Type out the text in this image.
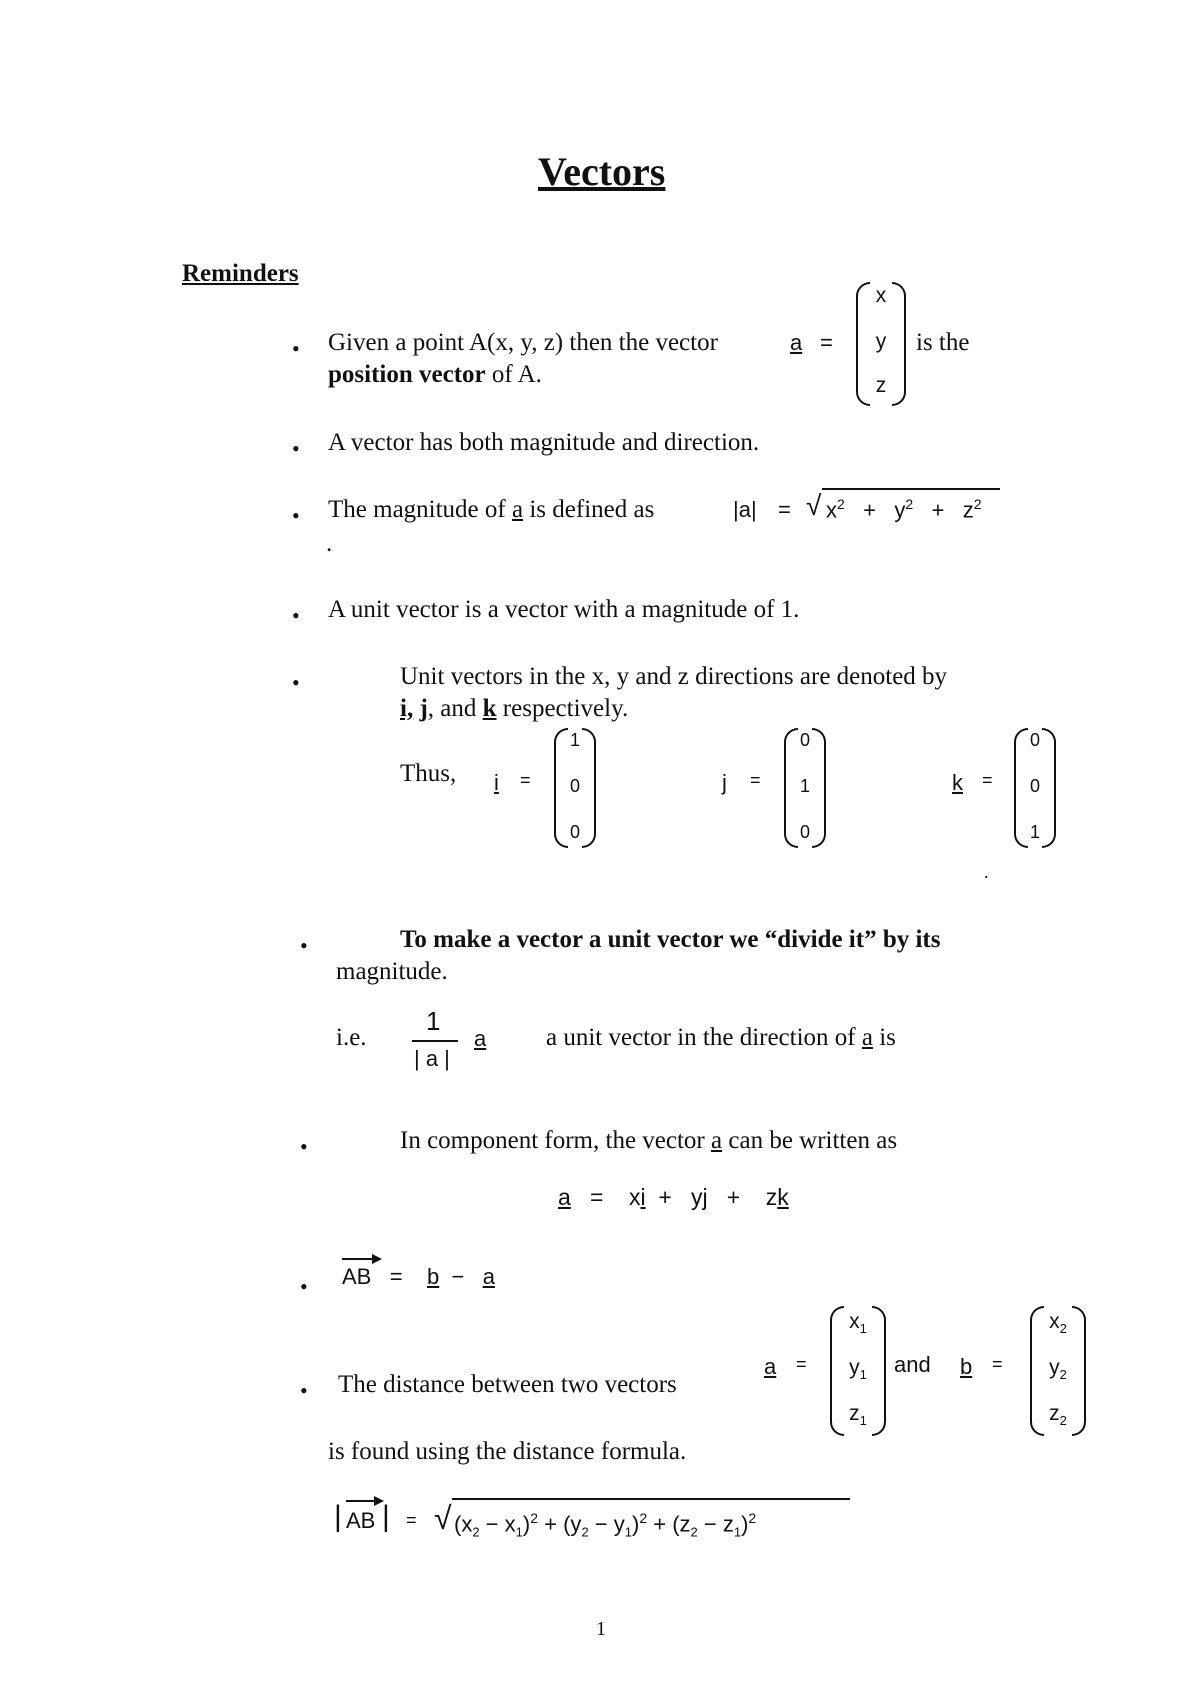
Vectors
Reminders
• Given a point A(x, y, z) then the vector	a =
x
y
z
is the
position vector of A.
• A vector has both magnitude and direction.
• The magnitude of a is defined as	|a| = √ $x^2 + y^2 + z^2$
.
• A unit vector is a vector with a magnitude of 1.
•	Unit vectors in the x, y and z directions are denoted by
i, j, and k respectively.
Thus, i =
1
0
0
j =
0
1
0
k =
0
0
1
.
•	To make a vector a unit vector we “divide it” by its
magnitude.
i.e.
1
| a |
a a unit vector in the direction of a is
•	In component form, the vector a can be written as
a = xi + yj + zk
• AB = b − a
• The distance between two vectors
a =
$x_1$
$y_1$
$z_1$
and b =
$x_2$
$y_2$
$z_2$
is found using the distance formula.
| AB | = √ $(x_2 - x_1)^2 + (y_2 - y_1)^2 + (z_2 - z_1)^2$
1
